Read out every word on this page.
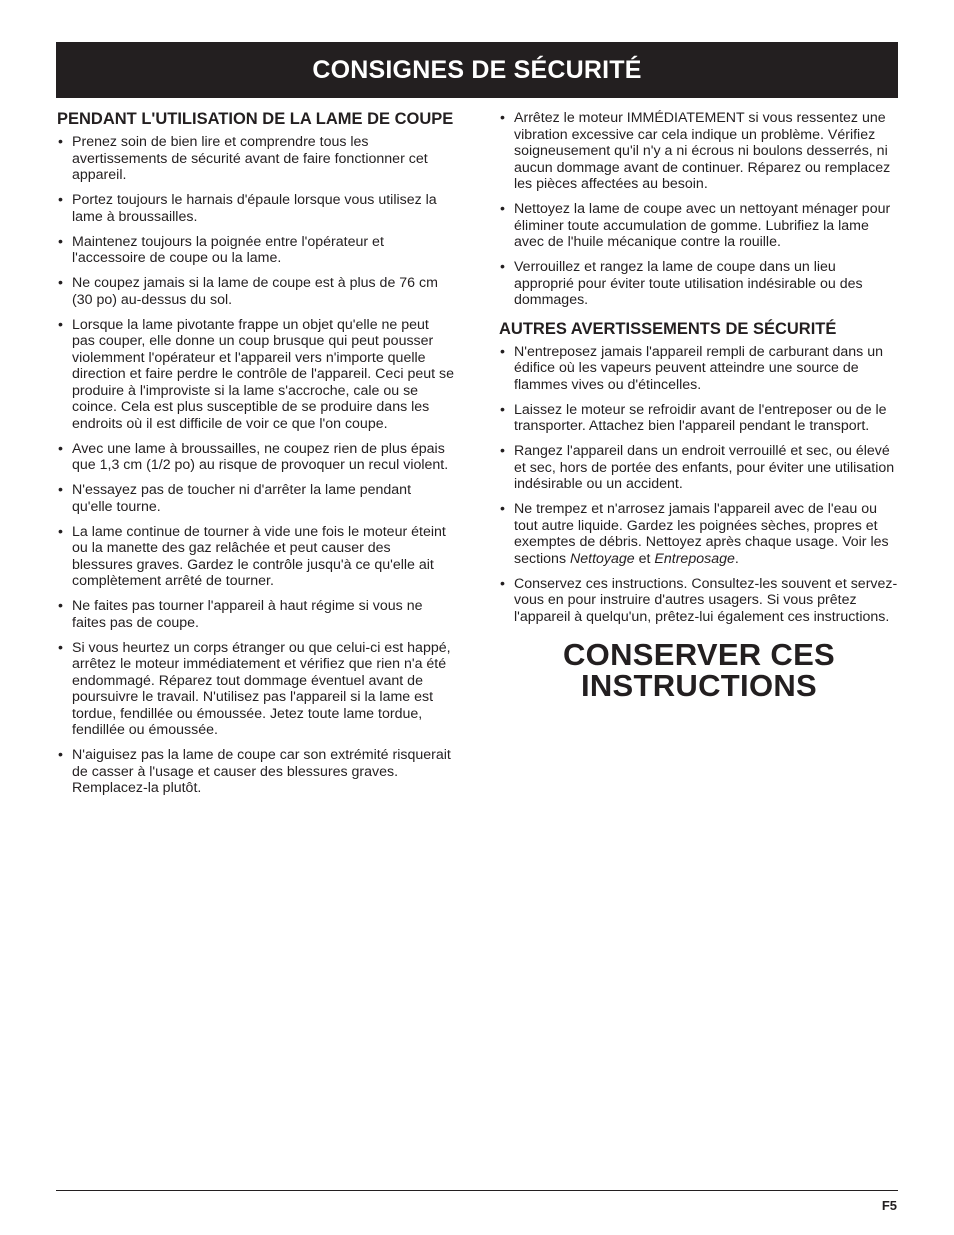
CONSIGNES DE SÉCURITÉ
PENDANT L'UTILISATION DE LA LAME DE COUPE
• Prenez soin de bien lire et comprendre tous les avertissements de sécurité avant de faire fonctionner cet appareil.
• Portez toujours le harnais d'épaule lorsque vous utilisez la lame à broussailles.
• Maintenez toujours la poignée entre l'opérateur et l'accessoire de coupe ou la lame.
• Ne coupez jamais si la lame de coupe est à plus de 76 cm (30 po) au-dessus du sol.
• Lorsque la lame pivotante frappe un objet qu'elle ne peut pas couper, elle donne un coup brusque qui peut pousser violemment l'opérateur et l'appareil vers n'importe quelle direction et faire perdre le contrôle de l'appareil. Ceci peut se produire à l'improviste si la lame s'accroche, cale ou se coince. Cela est plus susceptible de se produire dans les endroits où il est difficile de voir ce que l'on coupe.
• Avec une lame à broussailles, ne coupez rien de plus épais que 1,3 cm (1/2 po) au risque de provoquer un recul violent.
• N'essayez pas de toucher ni d'arrêter la lame pendant qu'elle tourne.
• La lame continue de tourner à vide une fois le moteur éteint ou la manette des gaz relâchée et peut causer des blessures graves. Gardez le contrôle jusqu'à ce qu'elle ait complètement arrêté de tourner.
• Ne faites pas tourner l'appareil à haut régime si vous ne faites pas de coupe.
• Si vous heurtez un corps étranger ou que celui-ci est happé, arrêtez le moteur immédiatement et vérifiez que rien n'a été endommagé. Réparez tout dommage éventuel avant de poursuivre le travail. N'utilisez pas l'appareil si la lame est tordue, fendillée ou émoussée. Jetez toute lame tordue, fendillée ou émoussée.
• N'aiguisez pas la lame de coupe car son extrémité risquerait de casser à l'usage et causer des blessures graves. Remplacez-la plutôt.
• Arrêtez le moteur IMMÉDIATEMENT si vous ressentez une vibration excessive car cela indique un problème. Vérifiez soigneusement qu'il n'y a ni écrous ni boulons desserrés, ni aucun dommage avant de continuer. Réparez ou remplacez les pièces affectées au besoin.
• Nettoyez la lame de coupe avec un nettoyant ménager pour éliminer toute accumulation de gomme. Lubrifiez la lame avec de l'huile mécanique contre la rouille.
• Verrouillez et rangez la lame de coupe dans un lieu approprié pour éviter toute utilisation indésirable ou des dommages.
AUTRES AVERTISSEMENTS DE SÉCURITÉ
• N'entreposez jamais l'appareil rempli de carburant dans un édifice où les vapeurs peuvent atteindre une source de flammes vives ou d'étincelles.
• Laissez le moteur se refroidir avant de l'entreposer ou de le transporter. Attachez bien l'appareil pendant le transport.
• Rangez l'appareil dans un endroit verrouillé et sec, ou élevé et sec, hors de portée des enfants, pour éviter une utilisation indésirable ou un accident.
• Ne trempez et n'arrosez jamais l'appareil avec de l'eau ou tout autre liquide. Gardez les poignées sèches, propres et exemptes de débris. Nettoyez après chaque usage. Voir les sections Nettoyage et Entreposage.
• Conservez ces instructions. Consultez-les souvent et servez-vous en pour instruire d'autres usagers. Si vous prêtez l'appareil à quelqu'un, prêtez-lui également ces instructions.
CONSERVER CES
INSTRUCTIONS
F5
